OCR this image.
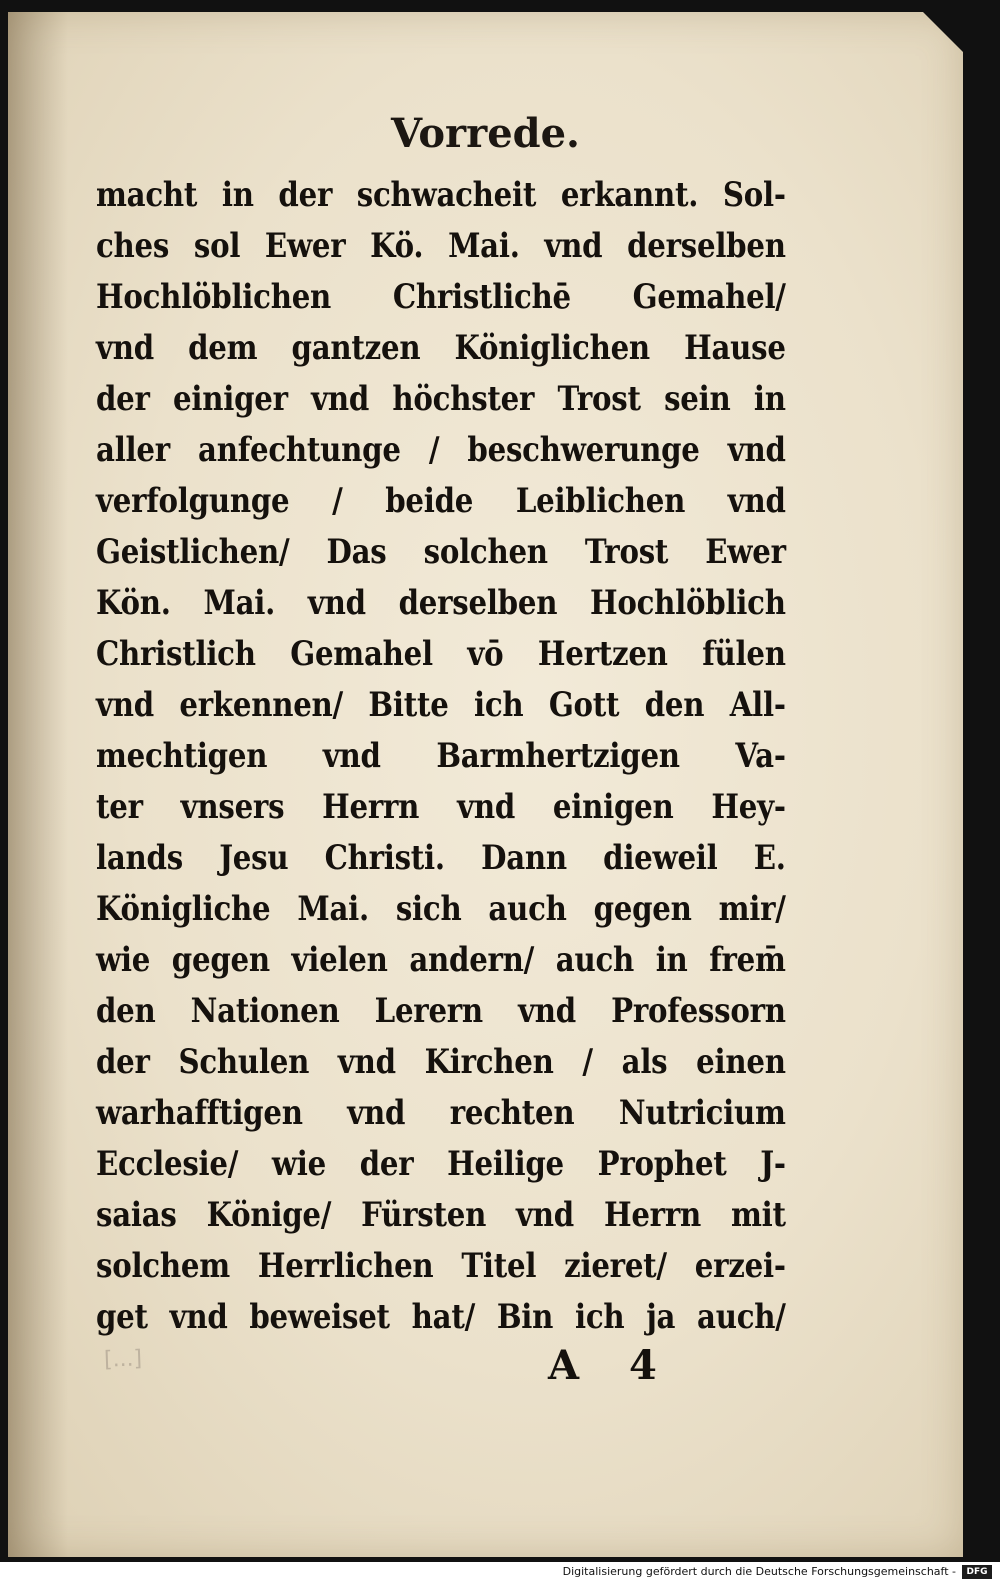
Vorrede.
macht in der schwacheit erkannt. Sol-
ches sol Ewer Kö. Mai. vnd derselben
Hochlöblichen Christlichē Gemahel/
vnd dem gantzen Königlichen Hause
der einiger vnd höchster Trost sein in
aller anfechtunge / beschwerunge vnd
verfolgunge / beide Leiblichen vnd
Geistlichen/ Das solchen Trost Ewer
Kön. Mai. vnd derselben Hochlöblich
Christlich Gemahel vō Hertzen fülen
vnd erkennen/ Bitte ich Gott den All-
mechtigen vnd Barmhertzigen Va-
ter vnsers Herrn vnd einigen Hey-
lands Jesu Christi. Dann dieweil E.
Königliche Mai. sich auch gegen mir/
wie gegen vielen andern/ auch in frem̄
den Nationen Lerern vnd Professorn
der Schulen vnd Kirchen / als einen
warhafftigen vnd rechten Nutricium
Ecclesie/ wie der Heilige Prophet J-
saias Könige/ Fürsten vnd Herrn mit
solchem Herrlichen Titel zieret/ erzei-
get vnd beweiset hat/ Bin ich ja auch/
[...]	A 4
Digitalisierung gefördert durch die Deutsche Forschungsgemeinschaft -	DFG
